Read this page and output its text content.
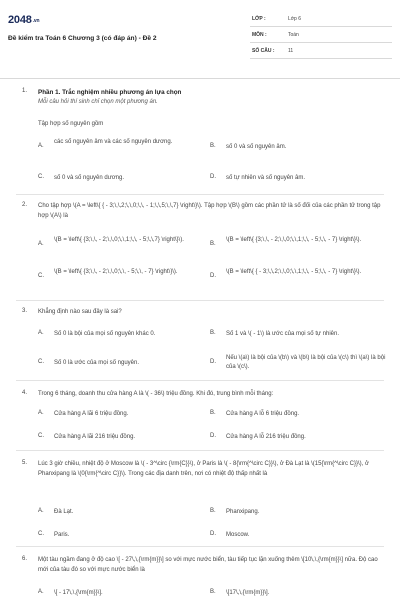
$2048^{.vn}$
Đề kiểm tra Toán 6 Chương 3 (có đáp án) - Đề 2
LỚP :	Lớp 6
MÔN :	Toán
SỐ CÂU :	11
1. Phần 1. Trắc nghiệm nhiều phương án lựa chọn
Mỗi câu hỏi thí sinh chỉ chọn một phương án.
Tập hợp số nguyên gồm
A.
các số nguyên âm và các số nguyên dương.
B. số 0 và số nguyên âm.
C. số 0 và số nguyên dương.	D. số tự nhiên và số nguyên âm.
2. Cho tập hợp \(A = \left\{ { - 3;\,\,2;\,\,0;\,\, - 1;\,\,5;\,\,7} \right\}\). Tập hợp \(B\) gồm các phần tử là số đối của các phần tử trong tập hợp \(A\) là
A.
\(B = \left\{ {3;\,\, - 2;\,\,0;\,\,1;\,\, - 5;\,\,7} \right\}\).
B.
\(B = \left\{ {3;\,\, - 2;\,\,0;\,\,1;\,\, - 5;\,\, - 7} \right\}\).
C.
\(B = \left\{ {3;\,\, - 2;\,\,0;\,\, - 5;\,\, - 7} \right\}\).
D.
\(B = \left\{ { - 3;\,\,2;\,\,0;\,\,1;\,\, - 5;\,\, - 7} \right\}\).
3. Khẳng định nào sau đây là sai?
A. Số 0 là bội của mọi số nguyên khác 0.	B. Số 1 và \( - 1\) là ước của mọi số tự nhiên.
C. Số 0 là ước của mọi số nguyên.	D.
Nếu \(a\) là bội của \(b\) và \(b\) là bội của \(c\) thì \(a\) là bội của \(c\).
4. Trong 6 tháng, doanh thu cửa hàng A là \( - 36\) triệu đồng. Khi đó, trung bình mỗi tháng:
A. Cửa hàng A lãi 6 triệu đồng.	B. Cửa hàng A lỗ 6 triệu đồng.
C. Cửa hàng A lãi 216 triệu đồng.	D. Cửa hàng A lỗ 216 triệu đồng.
5. Lúc 3 giờ chiều, nhiệt độ ở Moscow là \( - 3^\circ {\rm{C}}\), ở Paris là \( - 8{\rm{^\circ C}}\), ở Đà Lạt là \(15{\rm{^\circ C}}\), ở Phanxipang là \(0{\rm{^\circ C}}\). Trong các địa danh trên, nơi có nhiệt độ thấp nhất là
A. Đà Lạt.	B. Phanxipang.
C. Paris.	D. Moscow.
6. Một tàu ngầm đang ở độ cao \[ - 27\,\,{\rm{m}}\] so với mực nước biển, tàu tiếp tục lặn xuống thêm \[10\,\,{\rm{m}}\] nữa. Độ cao mới của tàu đó so với mực nước biển là
A. \[ - 17\,\,{\rm{m}}\].	B. \[17\,\,{\rm{m}}\].
